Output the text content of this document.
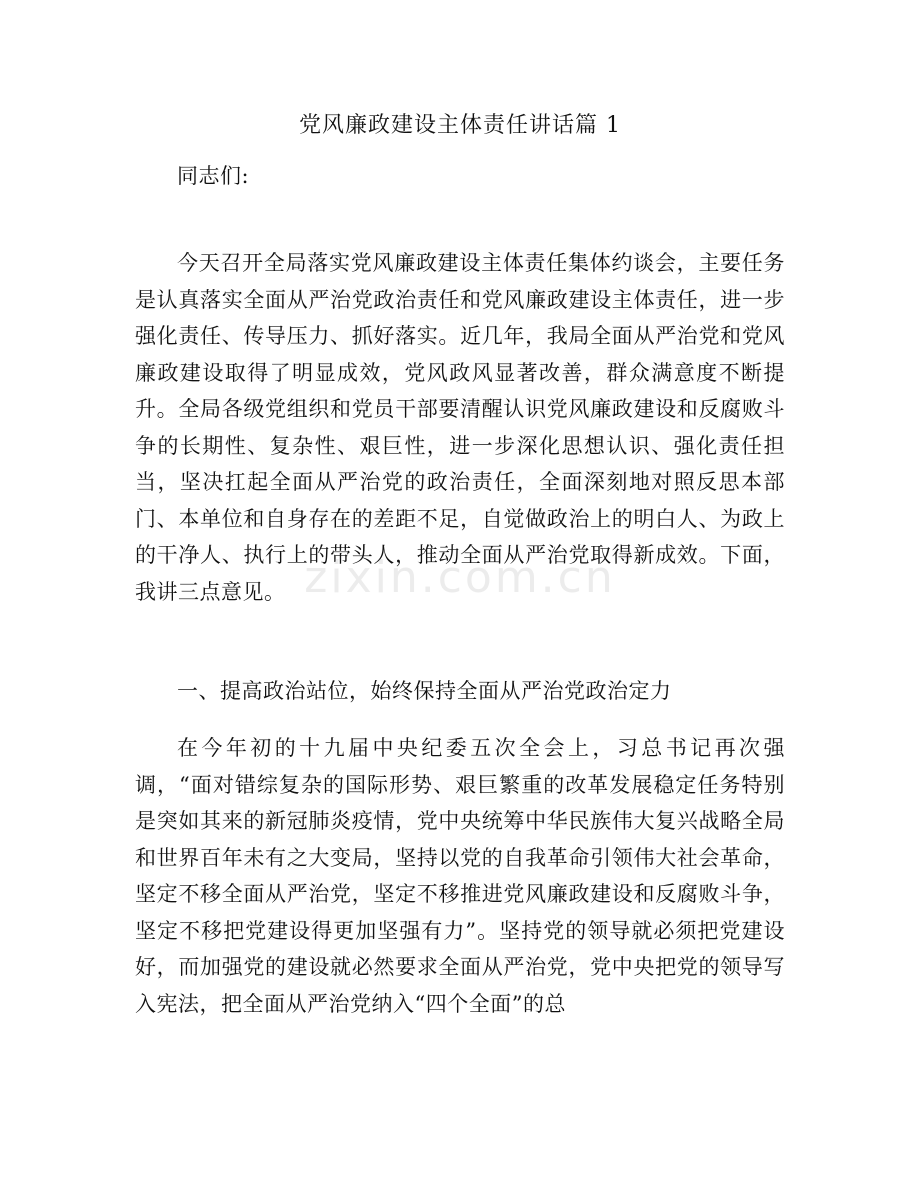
党风廉政建设主体责任讲话篇 1

同志们:

今天召开全局落实党风廉政建设主体责任集体约谈会，主要任务是认真落实全面从严治党政治责任和党风廉政建设主体责任，进一步强化责任、传导压力、抓好落实。近几年，我局全面从严治党和党风廉政建设取得了明显成效，党风政风显著改善，群众满意度不断提升。全局各级党组织和党员干部要清醒认识党风廉政建设和反腐败斗争的长期性、复杂性、艰巨性，进一步深化思想认识、强化责任担当，坚决扛起全面从严治党的政治责任，全面深刻地对照反思本部门、本单位和自身存在的差距不足，自觉做政治上的明白人、为政上的干净人、执行上的带头人，推动全面从严治党取得新成效。下面，我讲三点意见。

一、提高政治站位，始终保持全面从严治党政治定力

在今年初的十九届中央纪委五次全会上，习总书记再次强调，“面对错综复杂的国际形势、艰巨繁重的改革发展稳定任务特别是突如其来的新冠肺炎疫情，党中央统筹中华民族伟大复兴战略全局和世界百年未有之大变局，坚持以党的自我革命引领伟大社会革命，坚定不移全面从严治党，坚定不移推进党风廉政建设和反腐败斗争，坚定不移把党建设得更加坚强有力”。坚持党的领导就必须把党建设好，而加强党的建设就必然要求全面从严治党，党中央把党的领导写入宪法，把全面从严治党纳入“四个全面”的总

zixin.com.cn
